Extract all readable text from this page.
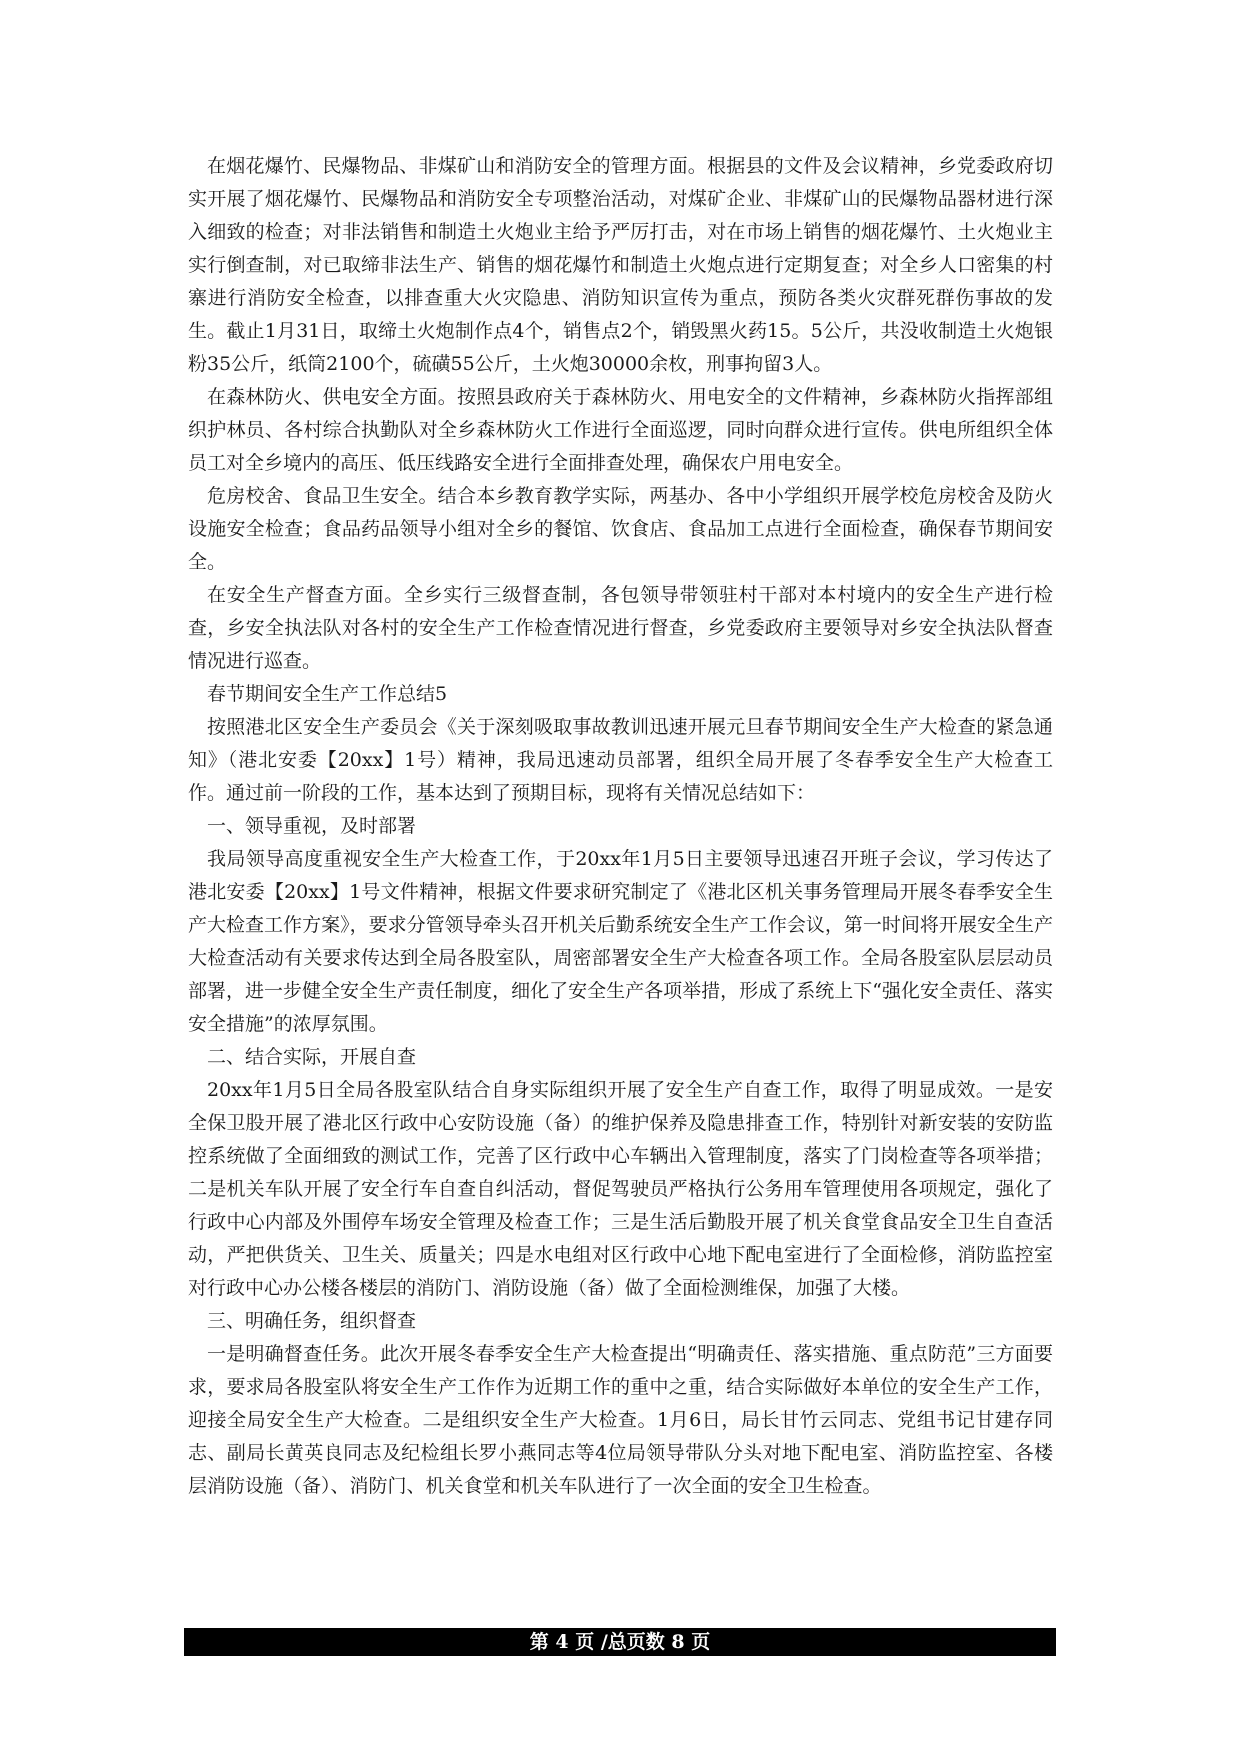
在烟花爆竹、民爆物品、非煤矿山和消防安全的管理方面。根据县的文件及会议精神，乡党委政府切实开展了烟花爆竹、民爆物品和消防安全专项整治活动，对煤矿企业、非煤矿山的民爆物品器材进行深入细致的检查；对非法销售和制造土火炮业主给予严厉打击，对在市场上销售的烟花爆竹、土火炮业主实行倒查制，对已取缔非法生产、销售的烟花爆竹和制造土火炮点进行定期复查；对全乡人口密集的村寨进行消防安全检查，以排查重大火灾隐患、消防知识宣传为重点，预防各类火灾群死群伤事故的发生。截止1月31日，取缔土火炮制作点4个，销售点2个，销毁黑火药15。5公斤，共没收制造土火炮银粉35公斤，纸筒2100个，硫磺55公斤，土火炮30000余枚，刑事拘留3人。

在森林防火、供电安全方面。按照县政府关于森林防火、用电安全的文件精神，乡森林防火指挥部组织护林员、各村综合执勤队对全乡森林防火工作进行全面巡逻，同时向群众进行宣传。供电所组织全体员工对全乡境内的高压、低压线路安全进行全面排查处理，确保农户用电安全。

危房校舍、食品卫生安全。结合本乡教育教学实际，两基办、各中小学组织开展学校危房校舍及防火设施安全检查；食品药品领导小组对全乡的餐馆、饮食店、食品加工点进行全面检查，确保春节期间安全。

在安全生产督查方面。全乡实行三级督查制，各包领导带领驻村干部对本村境内的安全生产进行检查，乡安全执法队对各村的安全生产工作检查情况进行督查，乡党委政府主要领导对乡安全执法队督查情况进行巡查。

春节期间安全生产工作总结5

按照港北区安全生产委员会《关于深刻吸取事故教训迅速开展元旦春节期间安全生产大检查的紧急通知》（港北安委【20xx】1号）精神，我局迅速动员部署，组织全局开展了冬春季安全生产大检查工作。通过前一阶段的工作，基本达到了预期目标，现将有关情况总结如下：

一、领导重视，及时部署

我局领导高度重视安全生产大检查工作，于20xx年1月5日主要领导迅速召开班子会议，学习传达了港北安委【20xx】1号文件精神，根据文件要求研究制定了《港北区机关事务管理局开展冬春季安全生产大检查工作方案》，要求分管领导牵头召开机关后勤系统安全生产工作会议，第一时间将开展安全生产大检查活动有关要求传达到全局各股室队，周密部署安全生产大检查各项工作。全局各股室队层层动员部署，进一步健全安全生产责任制度，细化了安全生产各项举措，形成了系统上下“强化安全责任、落实安全措施”的浓厚氛围。

二、结合实际，开展自查

20xx年1月5日全局各股室队结合自身实际组织开展了安全生产自查工作，取得了明显成效。一是安全保卫股开展了港北区行政中心安防设施（备）的维护保养及隐患排查工作，特别针对新安装的安防监控系统做了全面细致的测试工作，完善了区行政中心车辆出入管理制度，落实了门岗检查等各项举措；二是机关车队开展了安全行车自查自纠活动，督促驾驶员严格执行公务用车管理使用各项规定，强化了行政中心内部及外围停车场安全管理及检查工作；三是生活后勤股开展了机关食堂食品安全卫生自查活动，严把供货关、卫生关、质量关；四是水电组对区行政中心地下配电室进行了全面检修，消防监控室对行政中心办公楼各楼层的消防门、消防设施（备）做了全面检测维保，加强了大楼。

三、明确任务，组织督查

一是明确督查任务。此次开展冬春季安全生产大检查提出“明确责任、落实措施、重点防范”三方面要求，要求局各股室队将安全生产工作作为近期工作的重中之重，结合实际做好本单位的安全生产工作，迎接全局安全生产大检查。二是组织安全生产大检查。1月6日，局长甘竹云同志、党组书记甘建存同志、副局长黄英良同志及纪检组长罗小燕同志等4位局领导带队分头对地下配电室、消防监控室、各楼层消防设施（备）、消防门、机关食堂和机关车队进行了一次全面的安全卫生检查。

第 4 页 /总页数 8 页
